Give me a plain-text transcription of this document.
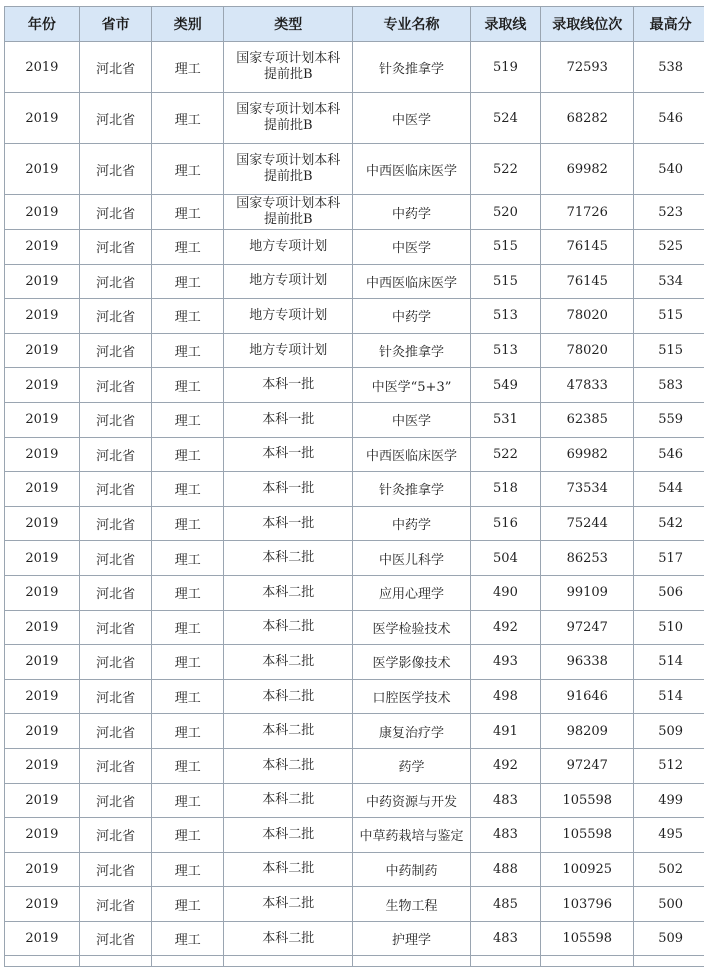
年份	省市	类别	类型	专业名称	录取线	录取线位次	最高分
2019	河北省	理工	国家专项计划本科提前批B	针灸推拿学	519	72593	538
2019	河北省	理工	国家专项计划本科提前批B	中医学	524	68282	546
2019	河北省	理工	国家专项计划本科提前批B	中西医临床医学	522	69982	540
2019	河北省	理工	国家专项计划本科提前批B	中药学	520	71726	523
2019	河北省	理工	地方专项计划	中医学	515	76145	525
2019	河北省	理工	地方专项计划	中西医临床医学	515	76145	534
2019	河北省	理工	地方专项计划	中药学	513	78020	515
2019	河北省	理工	地方专项计划	针灸推拿学	513	78020	515
2019	河北省	理工	本科一批	中医学“5+3”	549	47833	583
2019	河北省	理工	本科一批	中医学	531	62385	559
2019	河北省	理工	本科一批	中西医临床医学	522	69982	546
2019	河北省	理工	本科一批	针灸推拿学	518	73534	544
2019	河北省	理工	本科一批	中药学	516	75244	542
2019	河北省	理工	本科二批	中医儿科学	504	86253	517
2019	河北省	理工	本科二批	应用心理学	490	99109	506
2019	河北省	理工	本科二批	医学检验技术	492	97247	510
2019	河北省	理工	本科二批	医学影像技术	493	96338	514
2019	河北省	理工	本科二批	口腔医学技术	498	91646	514
2019	河北省	理工	本科二批	康复治疗学	491	98209	509
2019	河北省	理工	本科二批	药学	492	97247	512
2019	河北省	理工	本科二批	中药资源与开发	483	105598	499
2019	河北省	理工	本科二批	中草药栽培与鉴定	483	105598	495
2019	河北省	理工	本科二批	中药制药	488	100925	502
2019	河北省	理工	本科二批	生物工程	485	103796	500
2019	河北省	理工	本科二批	护理学	483	105598	509
